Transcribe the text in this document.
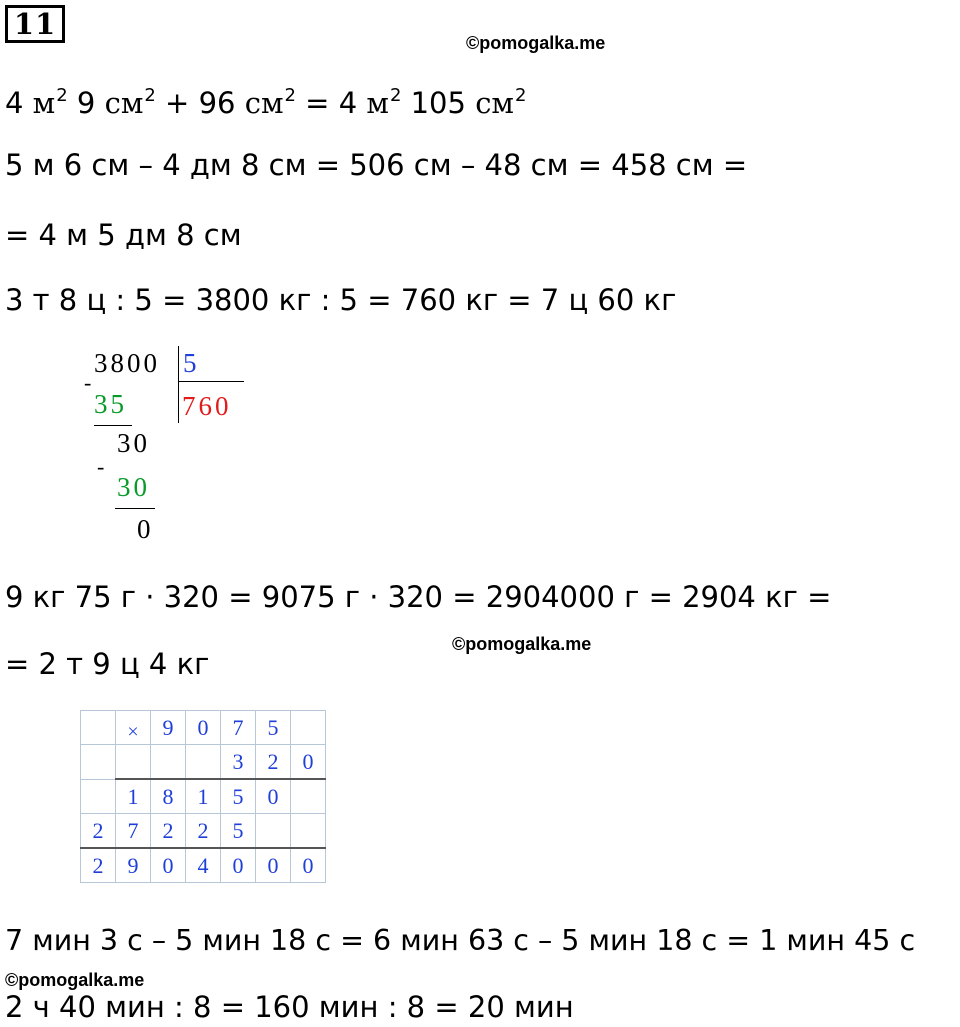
11
©pomogalka.me
4 $м^2$ 9 $см^2 + 96$ $см^2 = 4$ $м^2$ 105 $см^2$
5 м 6 см – 4 дм 8 см = 506 см – 48 см = 458 см =
= 4 м 5 дм 8 см
3 т 8 ц : 5 = 3800 кг : 5 = 760 кг = 7 ц 60 кг
3800 5
760
-
35
30
-
30
0
9 кг 75 г · 320 = 9075 г · 320 = 2904000 г = 2904 кг =
©pomogalka.me
= 2 т 9 ц 4 кг
	×	9	0	7	5	
				3	2	0
	1	8	1	5	0	
2	7	2	2	5		
2	9	0	4	0	0	0
7 мин 3 с – 5 мин 18 с = 6 мин 63 с – 5 мин 18 с = 1 мин 45 с
©pomogalka.me
2 ч 40 мин : 8 = 160 мин : 8 = 20 мин
